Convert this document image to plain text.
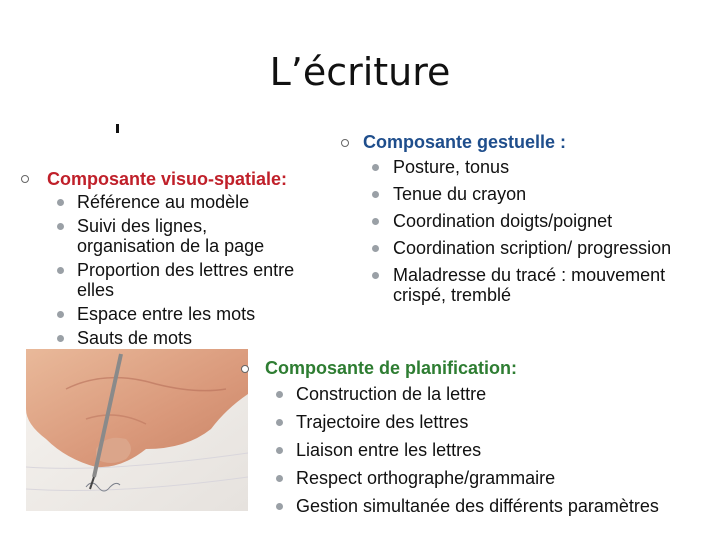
L’écriture
Composante visuo-spatiale:
Référence au modèle
Suivi des lignes, organisation de la page
Proportion des lettres entre elles
Espace entre les mots
Sauts de mots
Composante gestuelle :
Posture, tonus
Tenue du crayon
Coordination doigts/poignet
Coordination scription/ progression
Maladresse du tracé : mouvement crispé, tremblé
Composante de planification:
Construction de la lettre
Trajectoire des lettres
Liaison entre les lettres
Respect orthographe/grammaire
Gestion simultanée des différents paramètres
